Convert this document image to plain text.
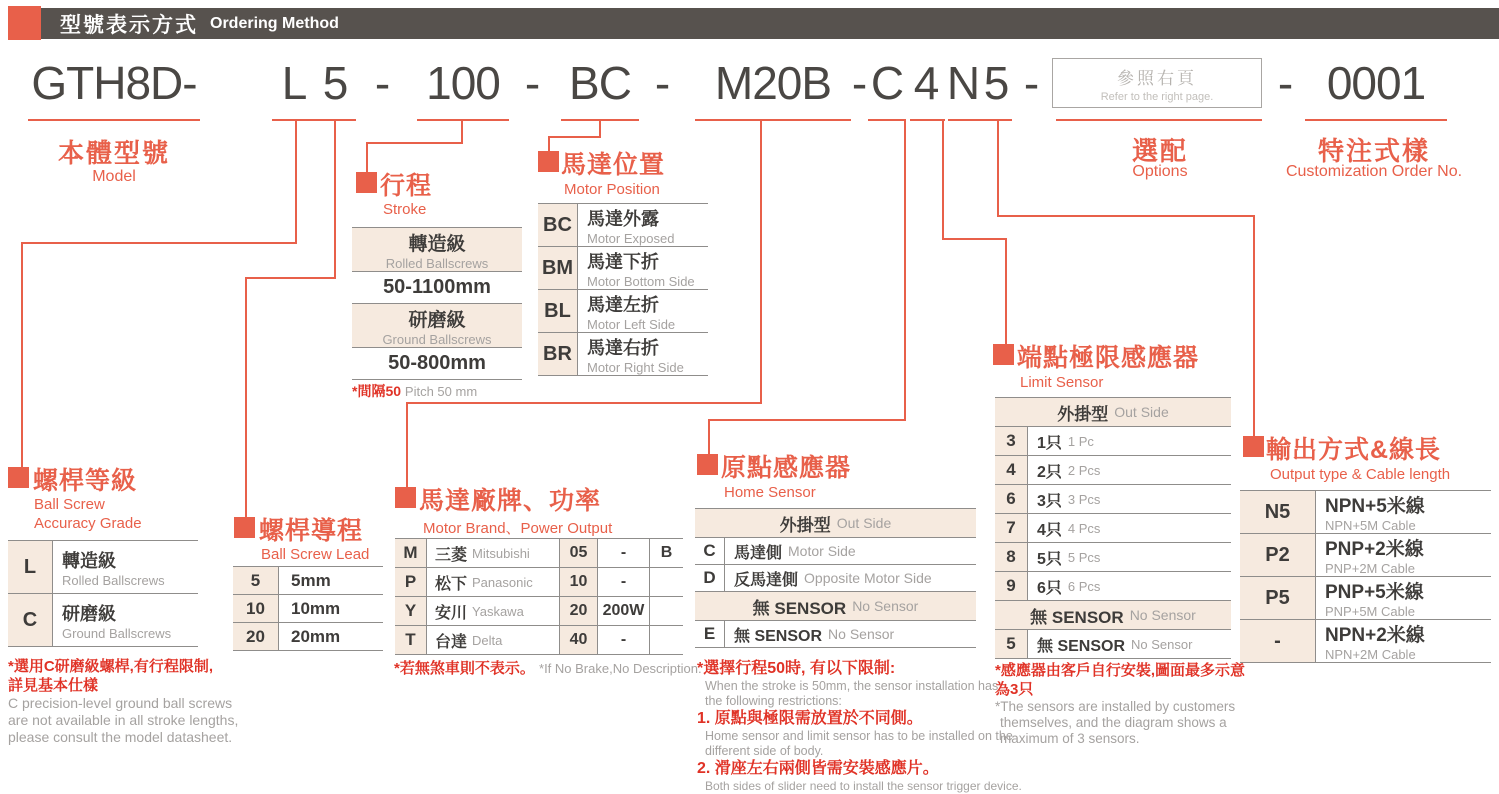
型號表示方式 Ordering Method
GTH8D- L 5 - 100 - BC - M20B - C 4 N 5 -	參照右頁
Refer to the right page. - 0001
本體型號
Model
選配
Options
特注式樣
Customization Order No.
螺桿等級
Ball Screw
Accuracy Grade
L	轉造級
Rolled Ballscrews
C	研磨級
Ground Ballscrews
*選用C研磨級螺桿,有行程限制,
詳見基本仕樣
C precision-level ground ball screws
are not available in all stroke lengths,
please consult the model datasheet.
螺桿導程
Ball Screw Lead
5	5mm
10	10mm
20	20mm
行程
Stroke
轉造級
Rolled Ballscrews
50-1100mm
研磨級
Ground Ballscrews
50-800mm
*間隔50 Pitch 50 mm
馬達位置
Motor Position
BC 馬達外露
Motor Exposed
BM 馬達下折
Motor Bottom Side
BL 馬達左折
Motor Left Side
BR 馬達右折
Motor Right Side
馬達廠牌、功率
Motor Brand、Power Output
M	三菱 Mitsubishi	05	-	B
P	松下 Panasonic	10	-
Y	安川 Yaskawa	20 200W
T	台達 Delta	40	-
*若無煞車則不表示。 *If No Brake,No Description.
原點感應器
Home Sensor
外掛型 Out Side
C	馬達側 Motor Side
D	反馬達側 Opposite Motor Side
無 SENSOR No Sensor
E	無 SENSOR No Sensor
*選擇行程50時, 有以下限制:
When the stroke is 50mm, the sensor installation has
the following restrictions:
1. 原點與極限需放置於不同側。
Home sensor and limit sensor has to be installed on the
different side of body.
2. 滑座左右兩側皆需安裝感應片。
Both sides of slider need to install the sensor trigger device.
端點極限感應器
Limit Sensor
外掛型 Out Side
3	1只 1 Pc
4	2只 2 Pcs
6	3只 3 Pcs
7	4只 4 Pcs
8	5只 5 Pcs
9	6只 6 Pcs
無 SENSOR No Sensor
5	無 SENSOR No Sensor
*感應器由客戶自行安裝,圖面最多示意
為3只
*The sensors are installed by customers
themselves, and the diagram shows a
maximum of 3 sensors.
輸出方式&線長
Output type & Cable length
N5	NPN+5米線
NPN+5M Cable
P2	PNP+2米線
PNP+2M Cable
P5	PNP+5米線
PNP+5M Cable
-	NPN+2米線
NPN+2M Cable
